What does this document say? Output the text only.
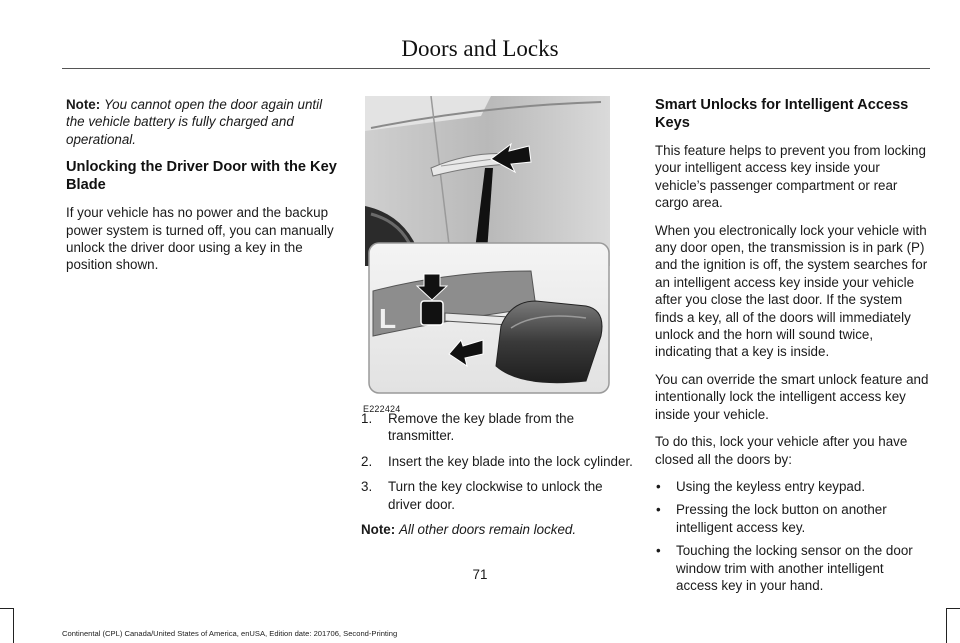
Doors and Locks

Note: You cannot open the door again until the vehicle battery is fully charged and operational.

Unlocking the Driver Door with the Key Blade

If your vehicle has no power and the backup power system is turned off, you can manually unlock the driver door using a key in the position shown.

L
E222424
1. Remove the key blade from the transmitter.
2. Insert the key blade into the lock cylinder.
3. Turn the key clockwise to unlock the driver door.

Note: All other doors remain locked.

Smart Unlocks for Intelligent Access Keys

This feature helps to prevent you from locking your intelligent access key inside your vehicle’s passenger compartment or rear cargo area.

When you electronically lock your vehicle with any door open, the transmission is in park (P) and the ignition is off, the system searches for an intelligent access key inside your vehicle after you close the last door. If the system finds a key, all of the doors will immediately unlock and the horn will sound twice, indicating that a key is inside.

You can override the smart unlock feature and intentionally lock the intelligent access key inside your vehicle.

To do this, lock your vehicle after you have closed all the doors by:

• Using the keyless entry keypad.
• Pressing the lock button on another intelligent access key.
• Touching the locking sensor on the door window trim with another intelligent access key in your hand.
71
Continental (CPL) Canada/United States of America, enUSA, Edition date: 201706, Second-Printing
